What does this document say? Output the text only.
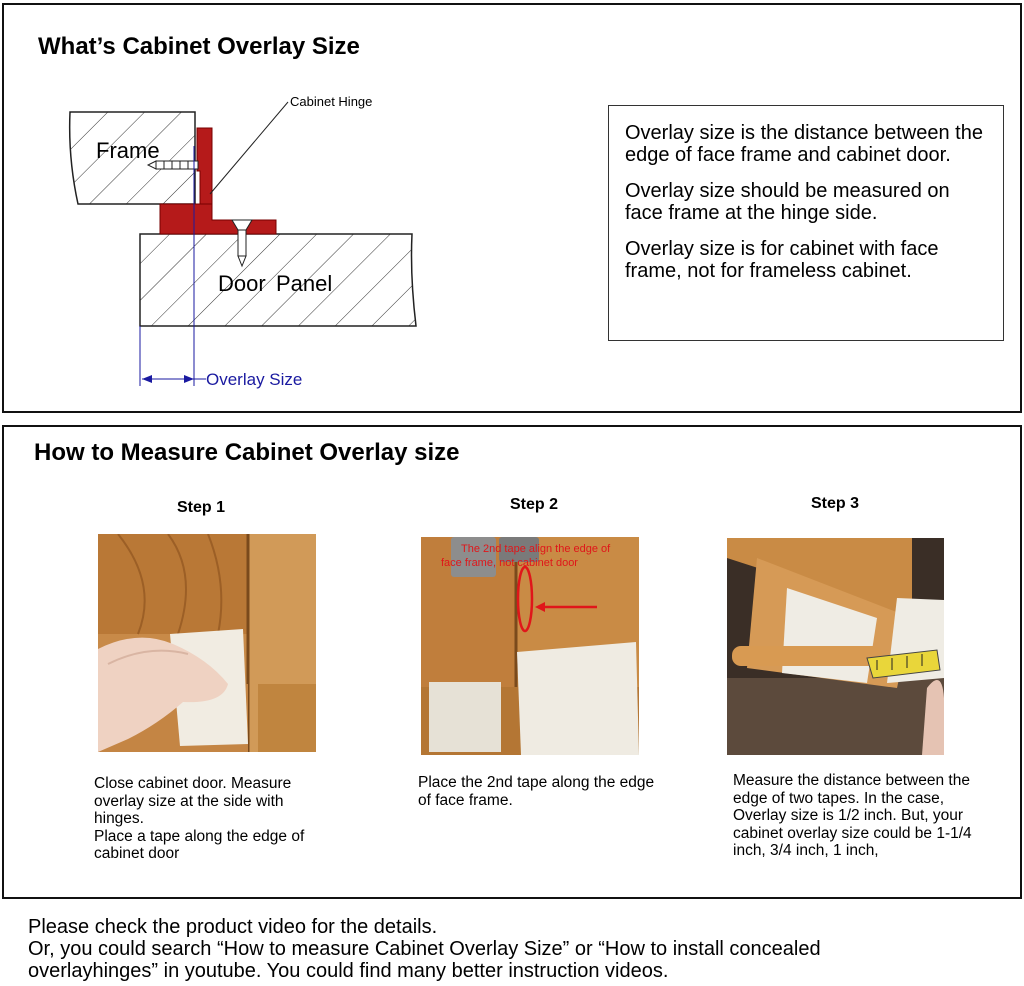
What’s Cabinet Overlay Size
Cabinet Hinge
Frame
Door Panel
Overlay Size

Overlay size is the distance between the edge of face frame and cabinet door.

Overlay size should be measured on face frame at the hinge side.

Overlay size is for cabinet with face frame, not for frameless cabinet.

How to Measure Cabinet Overlay size
Step 1
Close cabinet door. Measure overlay size at the side with hinges.
Place a tape along the edge of cabinet door
Step 2
The 2nd tape align the edge of
face frame, not cabinet door
Place the 2nd tape along the edge of face frame.
Step 3
Measure the distance between the edge of two tapes. In the case, Overlay size is 1/2 inch. But, your cabinet overlay size could be 1-1/4 inch, 3/4 inch, 1 inch,
Please check the product video for the details.
Or, you could search “How to measure Cabinet Overlay Size” or “How to install concealed
overlayhinges” in youtube. You could find many better instruction videos.
